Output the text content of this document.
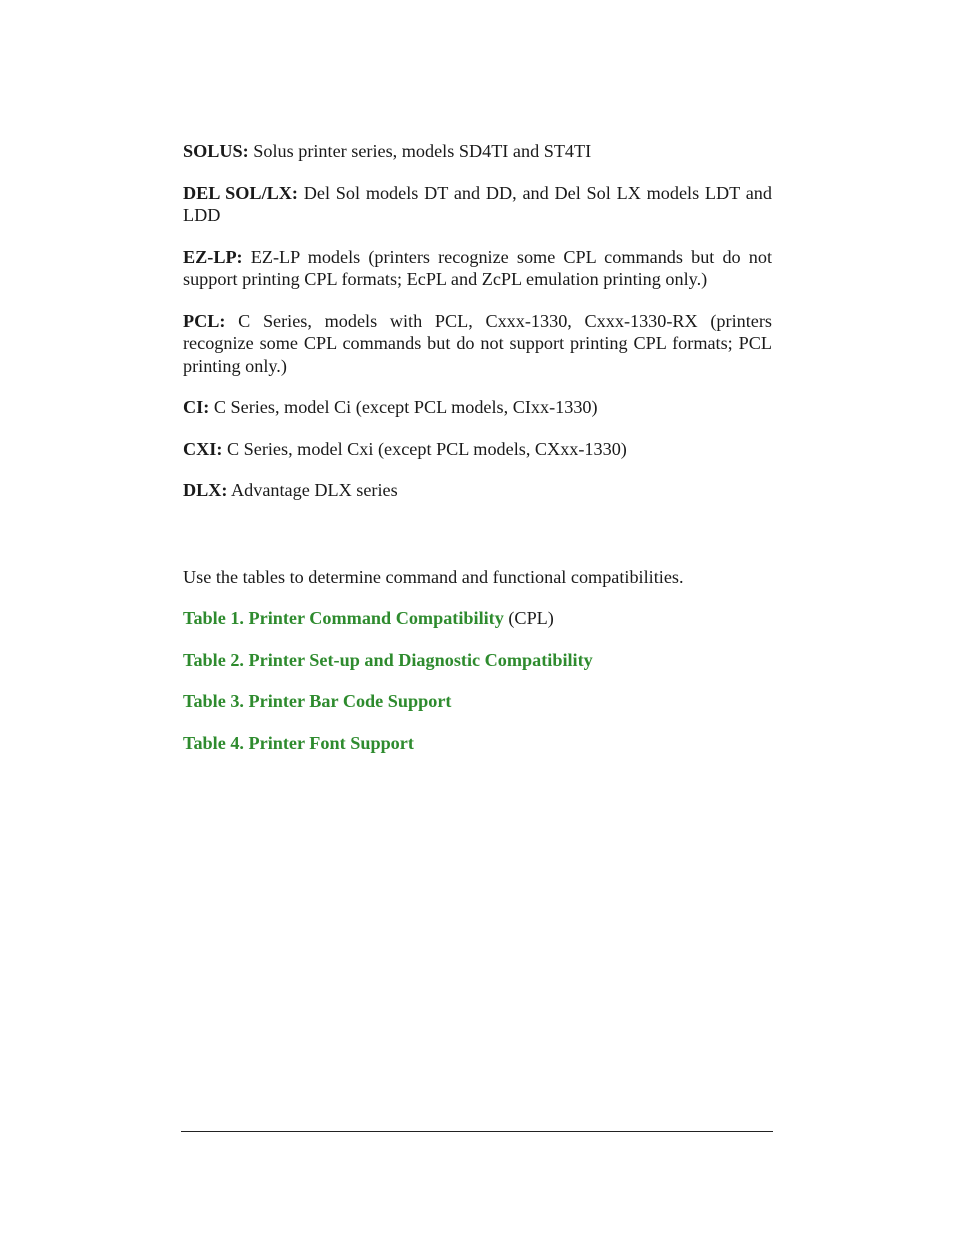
SOLUS: Solus printer series, models SD4TI and ST4TI

DEL SOL/LX: Del Sol models DT and DD, and Del Sol LX models LDT and LDD

EZ-LP: EZ-LP models (printers recognize some CPL commands but do not support printing CPL formats; EcPL and ZcPL emulation printing only.)

PCL: C Series, models with PCL, Cxxx-1330, Cxxx-1330-RX (printers recognize some CPL commands but do not support printing CPL formats; PCL printing only.)

CI: C Series, model Ci (except PCL models, CIxx-1330)

CXI: C Series, model Cxi (except PCL models, CXxx-1330)

DLX: Advantage DLX series

Use the tables to determine command and functional compatibilities.

Table 1. Printer Command Compatibility (CPL)

Table 2. Printer Set-up and Diagnostic Compatibility

Table 3. Printer Bar Code Support

Table 4. Printer Font Support
